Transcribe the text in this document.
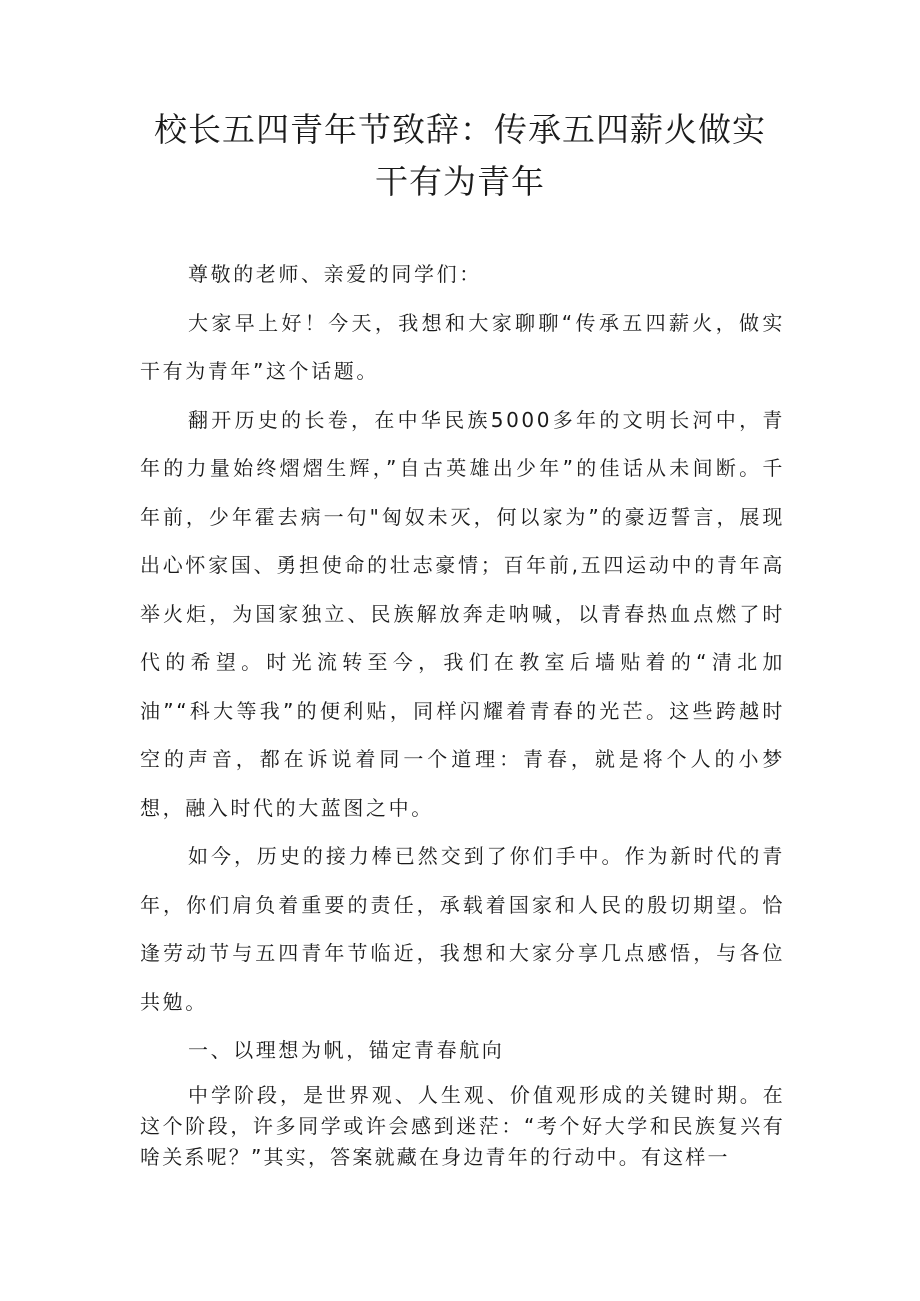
校长五四青年节致辞：传承五四薪火做实
干有为青年

尊敬的老师、亲爱的同学们：

大家早上好！今天，我想和大家聊聊“传承五四薪火，做实干有为青年”这个话题。

翻开历史的长卷，在中华民族5000多年的文明长河中，青年的力量始终熠熠生辉，”自古英雄出少年”的佳话从未间断。千年前，少年霍去病一句"匈奴未灭，何以家为”的豪迈誓言，展现出心怀家国、勇担使命的壮志豪情；百年前,五四运动中的青年高举火炬，为国家独立、民族解放奔走呐喊，以青春热血点燃了时代的希望。时光流转至今，我们在教室后墙贴着的“清北加油”“科大等我”的便利贴，同样闪耀着青春的光芒。这些跨越时空的声音，都在诉说着同一个道理：青春，就是将个人的小梦想，融入时代的大蓝图之中。

如今，历史的接力棒已然交到了你们手中。作为新时代的青年，你们肩负着重要的责任，承载着国家和人民的殷切期望。恰逢劳动节与五四青年节临近，我想和大家分享几点感悟，与各位共勉。

一、以理想为帆，锚定青春航向

中学阶段，是世界观、人生观、价值观形成的关键时期。在这个阶段，许多同学或许会感到迷茫：“考个好大学和民族复兴有啥关系呢？”其实，答案就藏在身边青年的行动中。有这样一
